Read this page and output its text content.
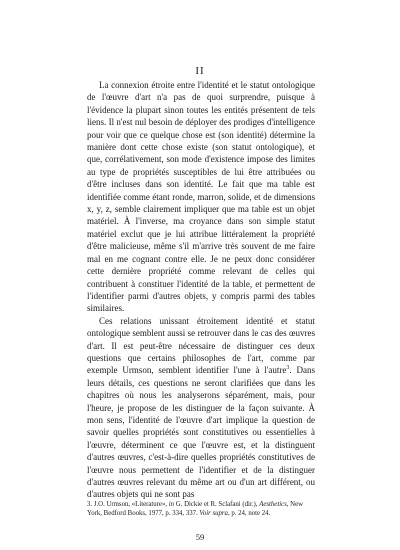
II

La connexion étroite entre l'identité et le statut ontologique de l'œuvre d'art n'a pas de quoi surprendre, puisque à l'évidence la plupart sinon toutes les entités présentent de tels liens. Il n'est nul besoin de déployer des prodiges d'intelligence pour voir que ce quelque chose est (son identité) détermine la manière dont cette chose existe (son statut ontologique), et que, corrélativement, son mode d'existence impose des limites au type de propriétés susceptibles de lui être attribuées ou d'être incluses dans son identité. Le fait que ma table est identifiée comme étant ronde, marron, solide, et de dimensions x, y, z, semble clairement impliquer que ma table est un objet matériel. À l'inverse, ma croyance dans son simple statut matériel exclut que je lui attribue littéralement la propriété d'être malicieuse, même s'il m'arrive très souvent de me faire mal en me cognant contre elle. Je ne peux donc considérer cette dernière propriété comme relevant de celles qui contribuent à constituer l'identité de la table, et permettent de l'identifier parmi d'autres objets, y compris parmi des tables similaires.

Ces relations unissant étroitement identité et statut ontologique semblent aussi se retrouver dans le cas des œuvres d'art. Il est peut-être nécessaire de distinguer ces deux questions que certains philosophes de l'art, comme par exemple Urmson, semblent identifier l'une à l'autre$^3$. Dans leurs détails, ces questions ne seront clarifiées que dans les chapitres où nous les analyserons séparément, mais, pour l'heure, je propose de les distinguer de la façon suivante. À mon sens, l'identité de l'œuvre d'art implique la question de savoir quelles propriétés sont constitutives ou essentielles à l'œuvre, déterminent ce que l'œuvre est, et la distinguent d'autres œuvres, c'est-à-dire quelles propriétés constitutives de l'œuvre nous permettent de l'identifier et de la distinguer d'autres œuvres relevant du même art ou d'un art différent, ou d'autres objets qui ne sont pas

3. J.O. Urmson, «Literature», in G. Dickie et R. Sclafani (dir.), Aesthetics, New York, Bedford Books, 1977, p. 334, 337. Voir supra, p. 24, note 24.
59
